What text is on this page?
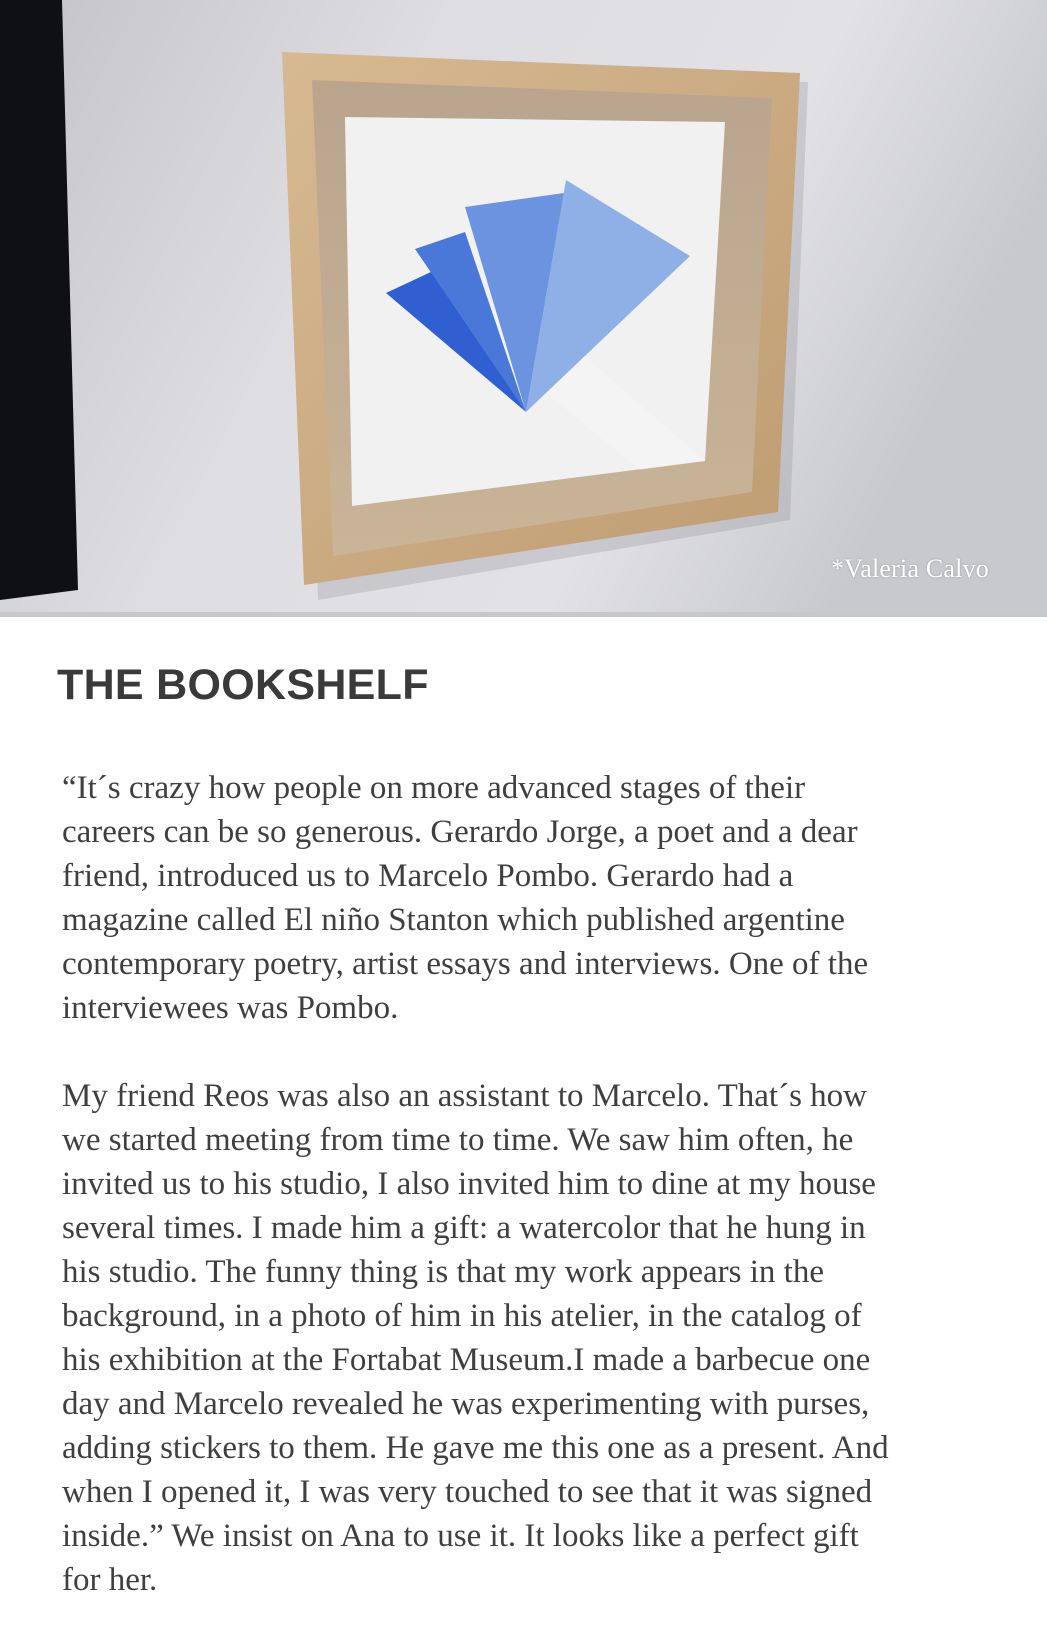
*Valeria Calvo
THE BOOKSHELF

“It´s crazy how people on more advanced stages of their
careers can be so generous. Gerardo Jorge, a poet and a dear
friend, introduced us to Marcelo Pombo. Gerardo had a
magazine called El niño Stanton which published argentine
contemporary poetry, artist essays and interviews. One of the
interviewees was Pombo.

My friend Reos was also an assistant to Marcelo. That´s how
we started meeting from time to time. We saw him often, he
invited us to his studio, I also invited him to dine at my house
several times. I made him a gift: a watercolor that he hung in
his studio. The funny thing is that my work appears in the
background, in a photo of him in his atelier, in the catalog of
his exhibition at the Fortabat Museum.I made a barbecue one
day and Marcelo revealed he was experimenting with purses,
adding stickers to them. He gave me this one as a present. And
when I opened it, I was very touched to see that it was signed
inside.” We insist on Ana to use it. It looks like a perfect gift
for her.
